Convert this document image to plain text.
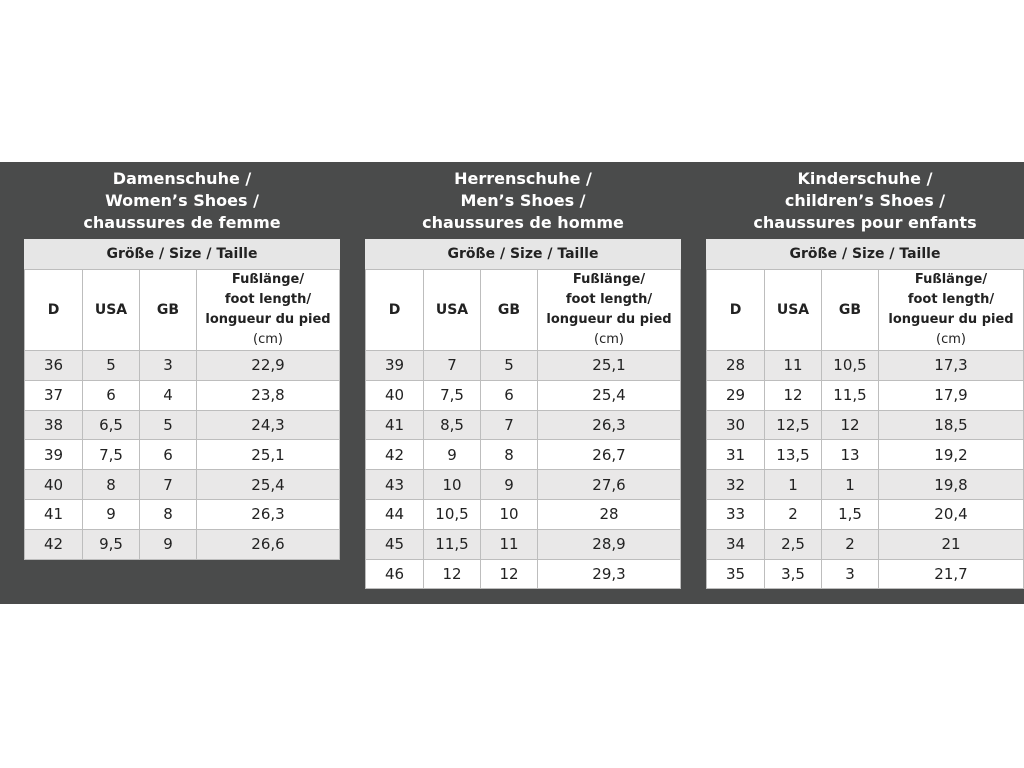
Damenschuhe /
Women’s Shoes /
chaussures de femme
Größe / Size / Taille
D	USA	GB	Fußlänge/
foot length/
longueur du pied
(cm)

36	5	3	22,9
37	6	4	23,8
38	6,5	5	24,3
39	7,5	6	25,1
40	8	7	25,4
41	9	8	26,3
42	9,5	9	26,6
Herrenschuhe /
Men’s Shoes /
chaussures de homme
Größe / Size / Taille
D	USA	GB	Fußlänge/
foot length/
longueur du pied
(cm)

39	7	5	25,1
40	7,5	6	25,4
41	8,5	7	26,3
42	9	8	26,7
43	10	9	27,6
44	10,5	10	28
45	11,5	11	28,9
46	12	12	29,3
Kinderschuhe /
children’s Shoes /
chaussures pour enfants
Größe / Size / Taille
D	USA	GB	Fußlänge/
foot length/
longueur du pied
(cm)

28	11	10,5	17,3
29	12	11,5	17,9
30	12,5	12	18,5
31	13,5	13	19,2
32	1	1	19,8
33	2	1,5	20,4
34	2,5	2	21
35	3,5	3	21,7
